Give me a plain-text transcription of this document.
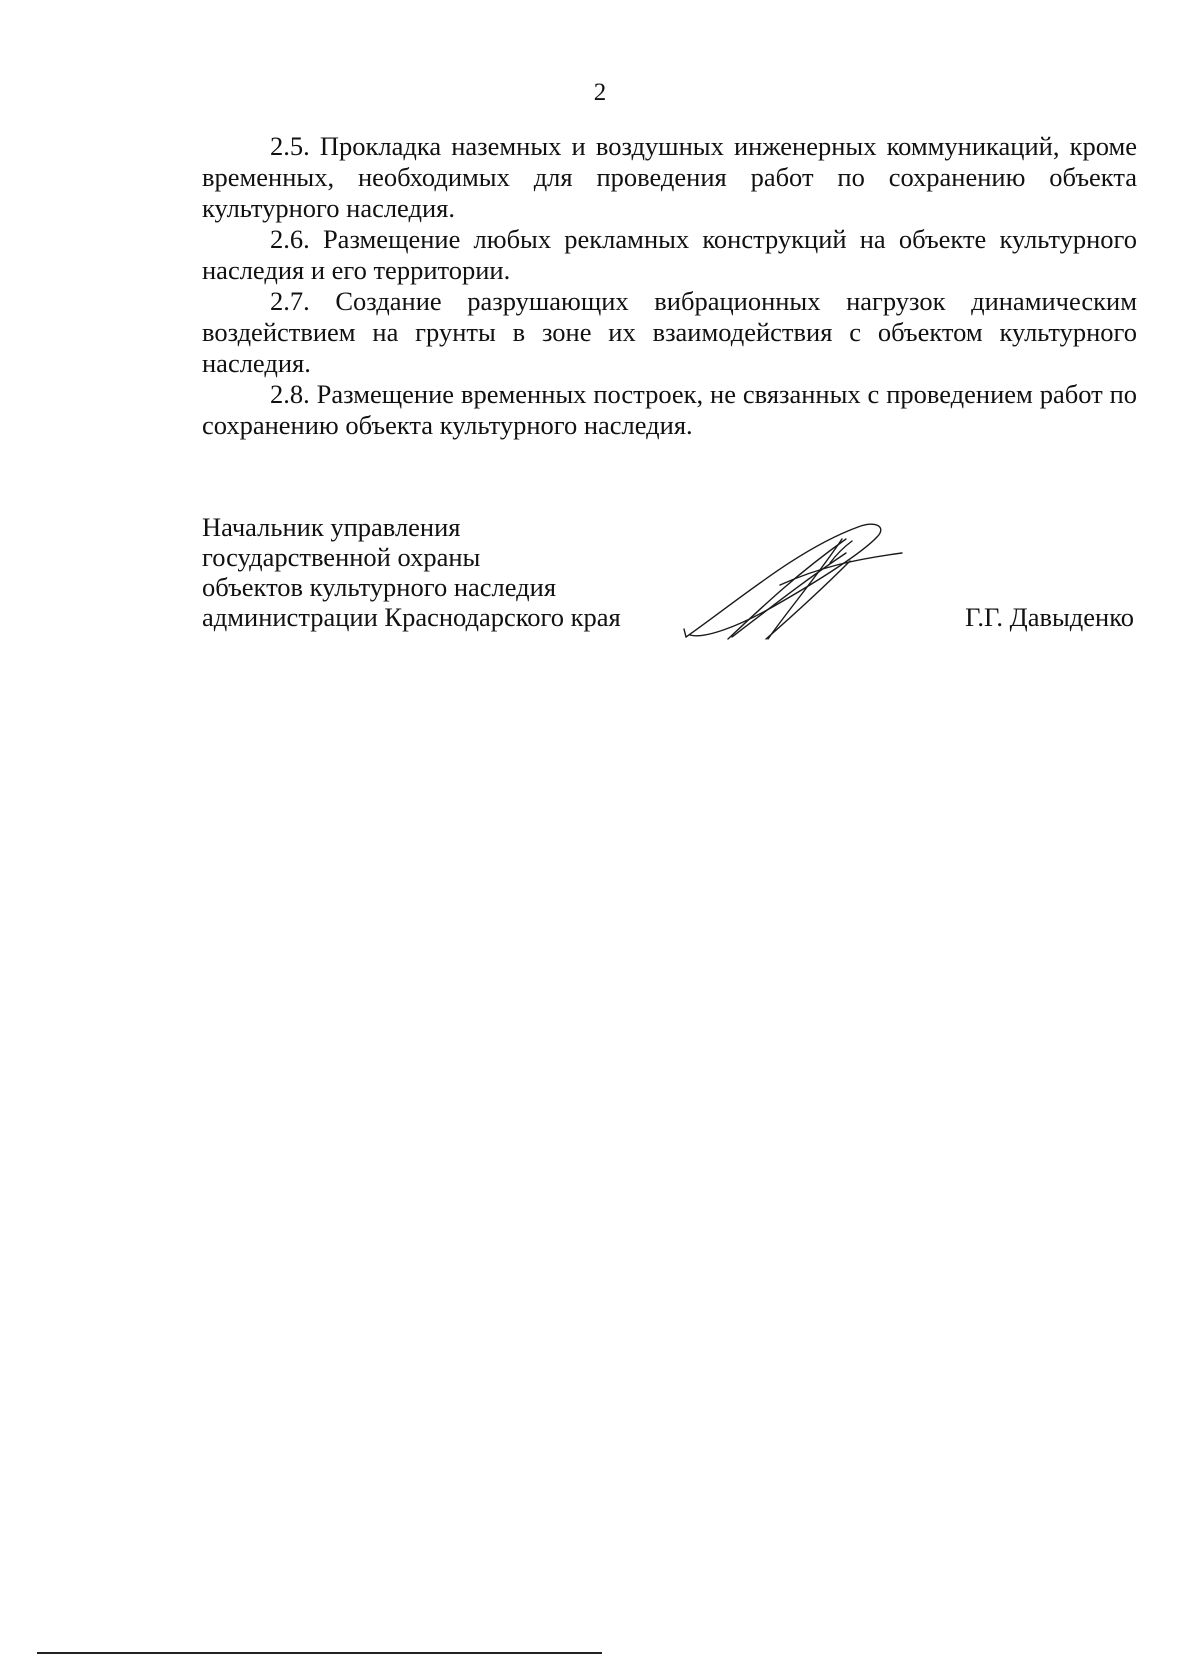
2

2.5. Прокладка наземных и воздушных инженерных коммуникаций, кроме временных, необходимых для проведения работ по сохранению объекта культурного наследия.

2.6. Размещение любых рекламных конструкций на объекте культурного наследия и его территории.

2.7. Создание разрушающих вибрационных нагрузок динамическим воздействием на грунты в зоне их взаимодействия с объектом культурного наследия.

2.8. Размещение временных построек, не связанных с проведением работ по сохранению объекта культурного наследия.

Начальник управления
государственной охраны
объектов культурного наследия
администрации Краснодарского края	Г.Г. Давыденко
